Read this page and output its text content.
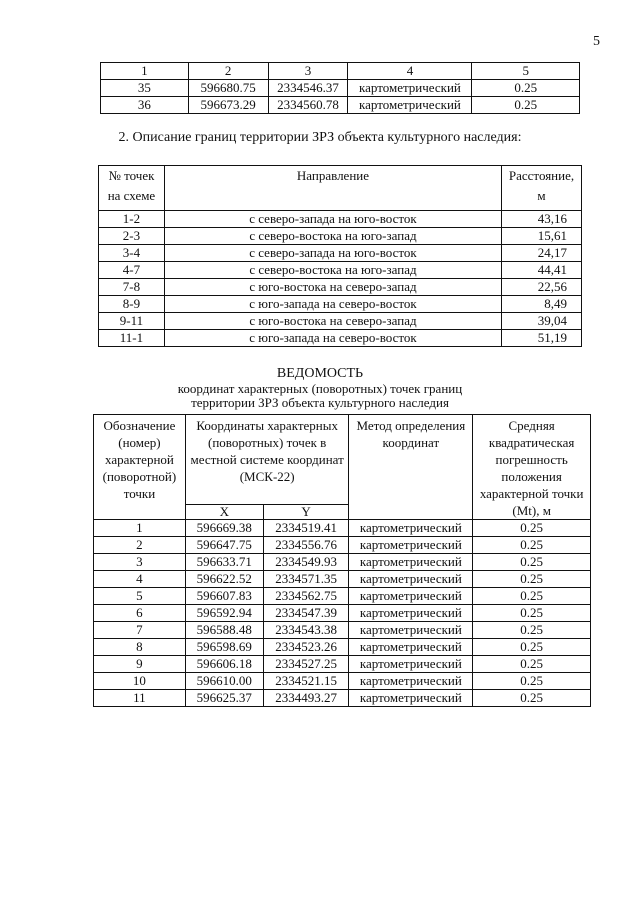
5
1	2	3	4	5
35	596680.75	2334546.37	картометрический	0.25
36	596673.29	2334560.78	картометрический	0.25
2. Описание границ территории ЗРЗ объекта культурного наследия:
№ точек на схеме	Направление	Расстояние, м
1-2	с северо-запада на юго-восток	43,16
2-3	с северо-востока на юго-запад	15,61
3-4	с северо-запада на юго-восток	24,17
4-7	с северо-востока на юго-запад	44,41
7-8	с юго-востока на северо-запад	22,56
8-9	с юго-запада на северо-восток	8,49
9-11	с юго-востока на северо-запад	39,04
11-1	с юго-запада на северо-восток	51,19
ВЕДОМОСТЬ
координат характерных (поворотных) точек границ
территории ЗРЗ объекта культурного наследия
Обозначение (номер) характерной (поворотной) точки	Координаты характерных (поворотных) точек в местной системе координат (МСК-22)		Метод определения координат	Средняя квадратическая погрешность положения характерной точки (Mt), м
	X	Y		
1	596669.38	2334519.41	картометрический	0.25
2	596647.75	2334556.76	картометрический	0.25
3	596633.71	2334549.93	картометрический	0.25
4	596622.52	2334571.35	картометрический	0.25
5	596607.83	2334562.75	картометрический	0.25
6	596592.94	2334547.39	картометрический	0.25
7	596588.48	2334543.38	картометрический	0.25
8	596598.69	2334523.26	картометрический	0.25
9	596606.18	2334527.25	картометрический	0.25
10	596610.00	2334521.15	картометрический	0.25
11	596625.37	2334493.27	картометрический	0.25
